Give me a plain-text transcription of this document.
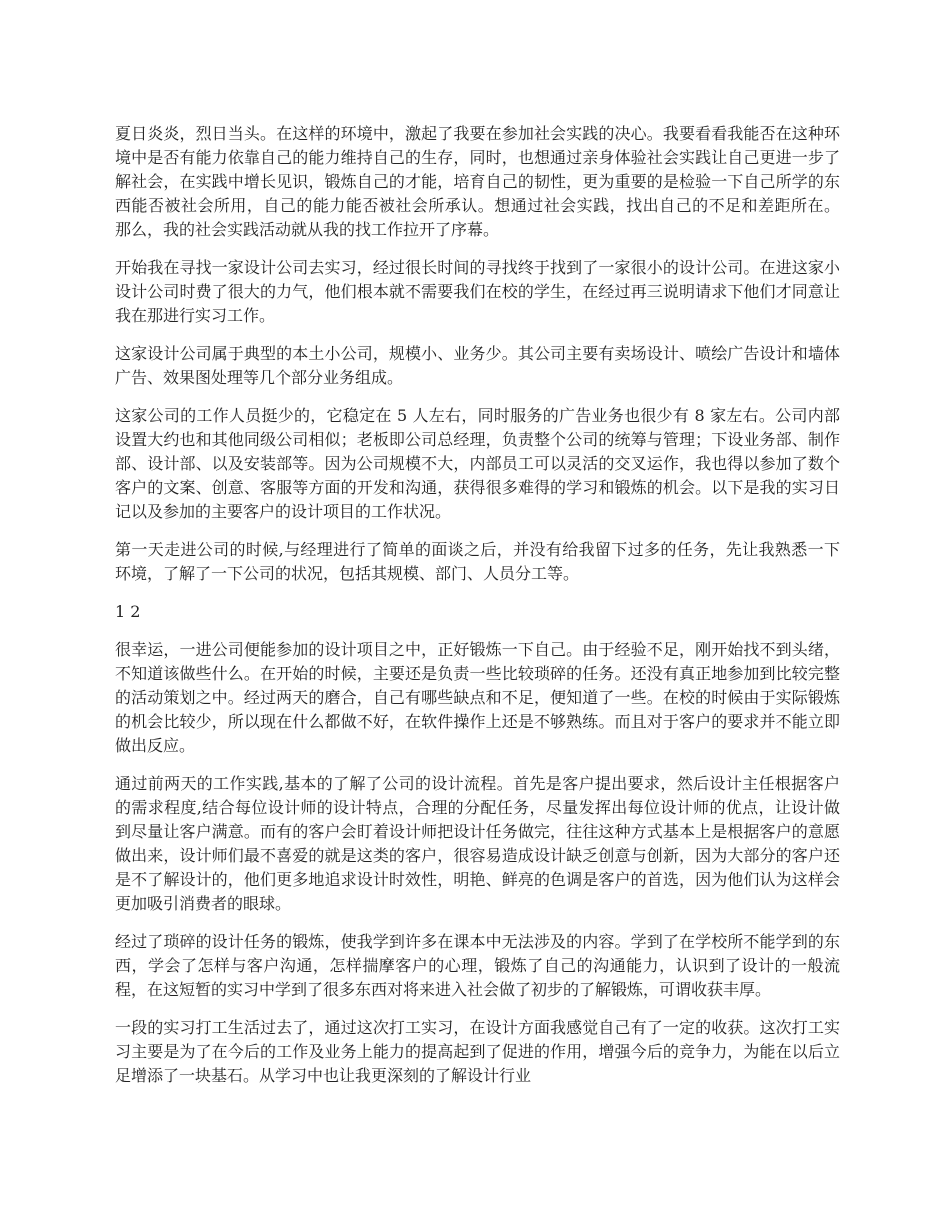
夏日炎炎，烈日当头。在这样的环境中，激起了我要在参加社会实践的决心。我要看看我能否在这种环境中是否有能力依靠自己的能力维持自己的生存，同时，也想通过亲身体验社会实践让自己更进一步了解社会，在实践中增长见识，锻炼自己的才能，培育自己的韧性，更为重要的是检验一下自己所学的东西能否被社会所用，自己的能力能否被社会所承认。想通过社会实践，找出自己的不足和差距所在。 那么，我的社会实践活动就从我的找工作拉开了序幕。

开始我在寻找一家设计公司去实习，经过很长时间的寻找终于找到了一家很小的设计公司。在进这家小设计公司时费了很大的力气，他们根本就不需要我们在校的学生，在经过再三说明请求下他们才同意让我在那进行实习工作。

这家设计公司属于典型的本土小公司，规模小、业务少。其公司主要有卖场设计、喷绘广告设计和墙体广告、效果图处理等几个部分业务组成。

这家公司的工作人员挺少的，它稳定在 5 人左右，同时服务的广告业务也很少有 8 家左右。公司内部设置大约也和其他同级公司相似；老板即公司总经理，负责整个公司的统筹与管理；下设业务部、制作部、设计部、以及安装部等。因为公司规模不大，内部员工可以灵活的交叉运作，我也得以参加了数个客户的文案、创意、客服等方面的开发和沟通，获得很多难得的学习和锻炼的机会。以下是我的实习日记以及参加的主要客户的设计项目的工作状况。

第一天走进公司的时候,与经理进行了简单的面谈之后，并没有给我留下过多的任务，先让我熟悉一下环境，了解了一下公司的状况，包括其规模、部门、人员分工等。

1 2

很幸运，一进公司便能参加的设计项目之中，正好锻炼一下自己。由于经验不足，刚开始找不到头绪，不知道该做些什么。在开始的时候，主要还是负责一些比较琐碎的任务。还没有真正地参加到比较完整的活动策划之中。经过两天的磨合，自己有哪些缺点和不足，便知道了一些。在校的时候由于实际锻炼的机会比较少，所以现在什么都做不好，在软件操作上还是不够熟练。而且对于客户的要求并不能立即做出反应。

通过前两天的工作实践,基本的了解了公司的设计流程。首先是客户提出要求，然后设计主任根据客户的需求程度,结合每位设计师的设计特点，合理的分配任务，尽量发挥出每位设计师的优点，让设计做到尽量让客户满意。而有的客户会盯着设计师把设计任务做完，往往这种方式基本上是根据客户的意愿做出来，设计师们最不喜爱的就是这类的客户，很容易造成设计缺乏创意与创新，因为大部分的客户还是不了解设计的，他们更多地追求设计时效性，明艳、鲜亮的色调是客户的首选，因为他们认为这样会更加吸引消费者的眼球。

经过了琐碎的设计任务的锻炼，使我学到许多在课本中无法涉及的内容。学到了在学校所不能学到的东西，学会了怎样与客户沟通，怎样揣摩客户的心理，锻炼了自己的沟通能力，认识到了设计的一般流程，在这短暂的实习中学到了很多东西对将来进入社会做了初步的了解锻炼，可谓收获丰厚。

一段的实习打工生活过去了，通过这次打工实习，在设计方面我感觉自己有了一定的收获。这次打工实习主要是为了在今后的工作及业务上能力的提高起到了促进的作用，增强今后的竞争力，为能在以后立足增添了一块基石。从学习中也让我更深刻的了解设计行业
